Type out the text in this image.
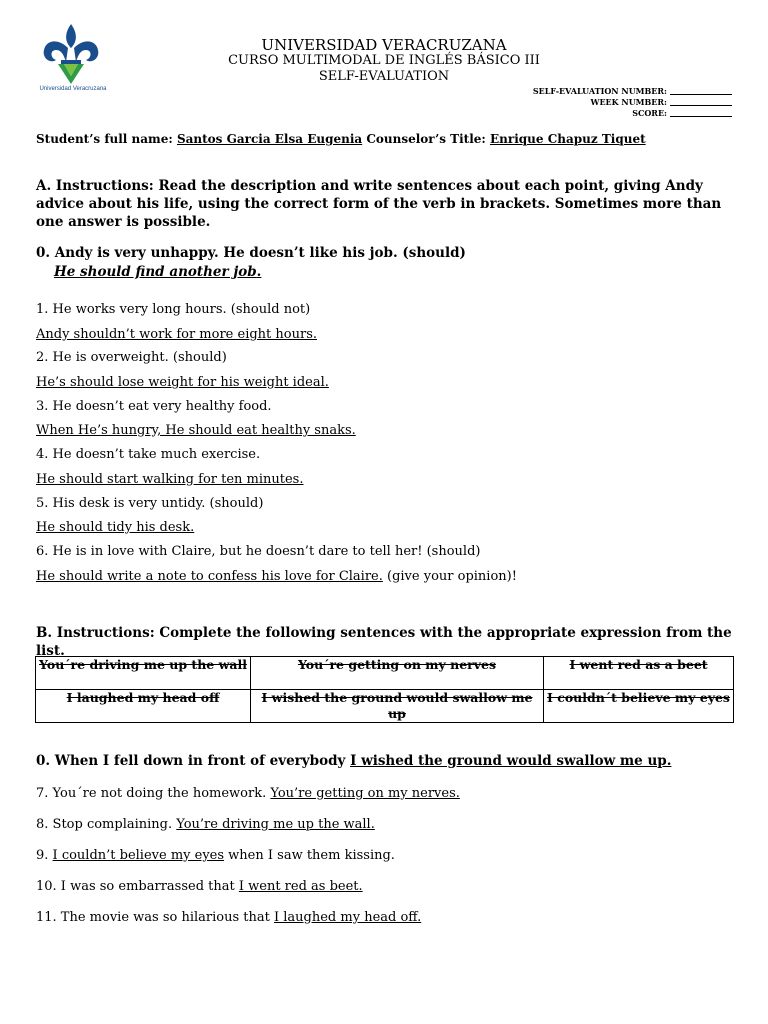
Universidad Veracruzana
UNIVERSIDAD VERACRUZANA
CURSO MULTIMODAL DE INGLÉS BÁSICO III
SELF-EVALUATION
SELF-EVALUATION NUMBER:
WEEK NUMBER:
SCORE:
Student’s full name: Santos Garcia Elsa Eugenia Counselor’s Title: Enrique Chapuz Tiquet
A. Instructions: Read the description and write sentences about each point, giving Andy advice about his life, using the correct form of the verb in brackets. Sometimes more than one answer is possible.
0. Andy is very unhappy. He doesn’t like his job. (should)
He should find another job.
1. He works very long hours. (should not)
Andy shouldn’t work for more eight hours.
2. He is overweight. (should)
He’s should lose weight for his weight ideal.
3. He doesn’t eat very healthy food.
When He’s hungry, He should eat healthy snaks.
4. He doesn’t take much exercise.
He should start walking for ten minutes.
5. His desk is very untidy. (should)
He should tidy his desk.
6. He is in love with Claire, but he doesn’t dare to tell her! (should)
He should write a note to confess his love for Claire. (give your opinion)!
B. Instructions: Complete the following sentences with the appropriate expression from the list.
You´re driving me up the wall	You´re getting on my nerves	I went red as a beet
I laughed my head off	I wished the ground would swallow me up	I couldn´t believe my eyes
0. When I fell down in front of everybody I wished the ground would swallow me up.
7. You´re not doing the homework. You’re getting on my nerves.
8. Stop complaining. You’re driving me up the wall.
9. I couldn’t believe my eyes when I saw them kissing.
10. I was so embarrassed that I went red as beet.
11. The movie was so hilarious that I laughed my head off.
